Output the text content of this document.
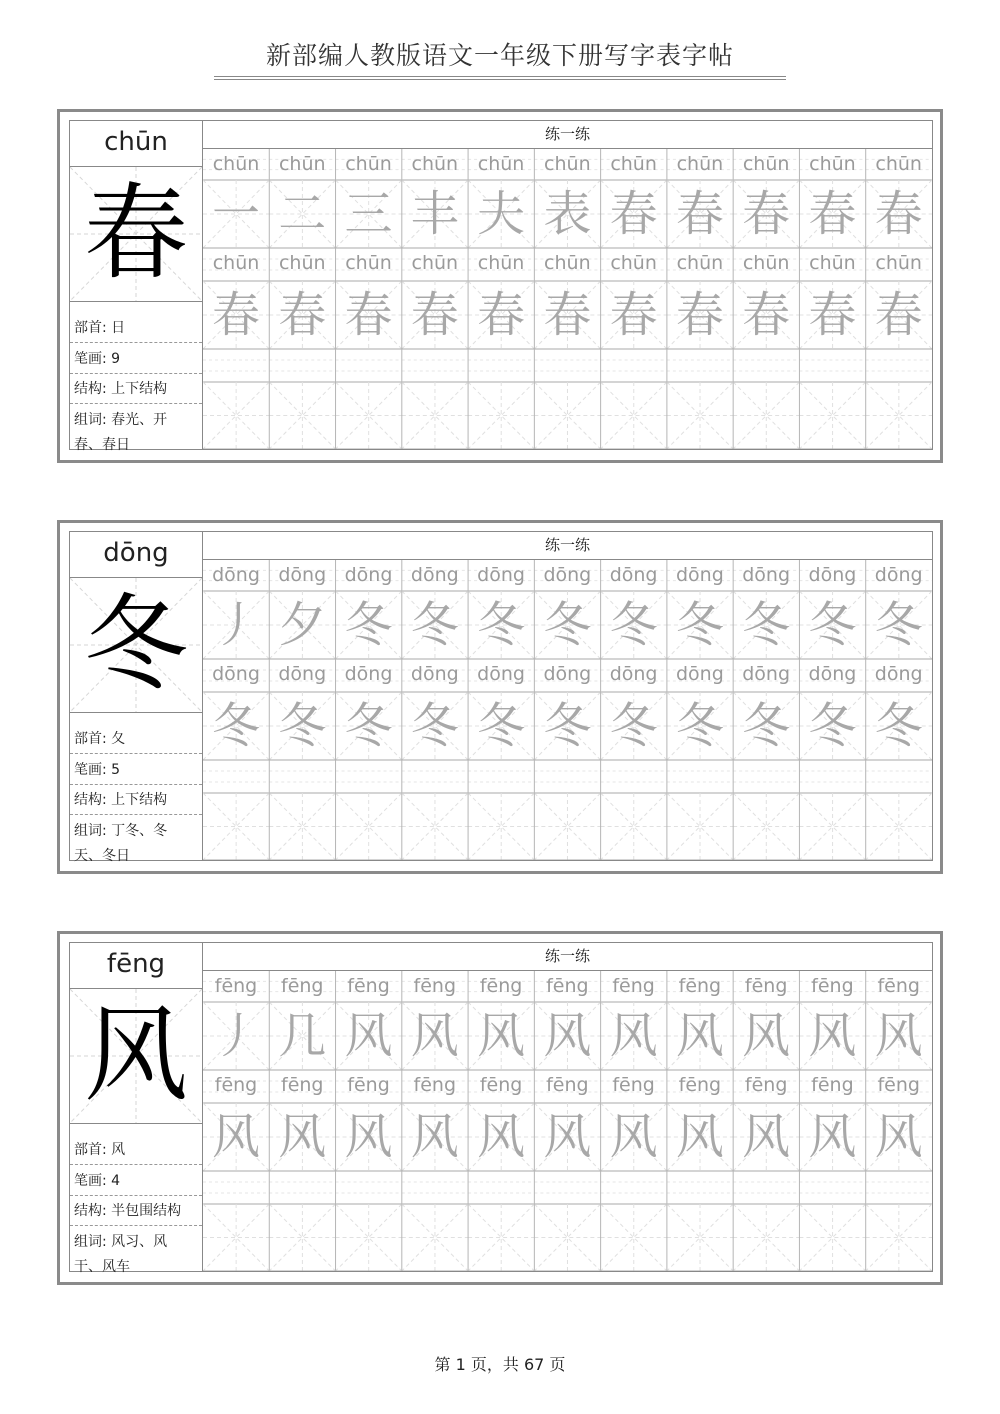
新部编人教版语文一年级下册写字表字帖
chūn
春
部首: 日
笔画: 9
结构: 上下结构
组词: 春光、开春、春日
练一练
chūn	chūn	chūn	chūn	chūn	chūn	chūn	chūn	chūn	chūn	chūn
一 二 三 丰 夫 表 春 春 春 春 春
chūn	chūn	chūn	chūn	chūn	chūn	chūn	chūn	chūn	chūn	chūn
春 春 春 春 春 春 春 春 春 春 春
dōng
冬
部首: 夂
笔画: 5
结构: 上下结构
组词: 丁冬、冬天、冬日
练一练
dōng dōng dōng dōng dōng dōng dōng dōng dōng dōng dōng
丿 夕 冬 冬 冬 冬 冬 冬 冬 冬 冬
dōng dōng dōng dōng dōng dōng dōng dōng dōng dōng dōng
冬 冬 冬 冬 冬 冬 冬 冬 冬 冬 冬
fēng
风
部首: 风
笔画: 4
结构: 半包围结构
组词: 风习、风干、风车
练一练
fēng	fēng	fēng	fēng	fēng	fēng	fēng	fēng	fēng	fēng	fēng
丿 几 风 风 风 风 风 风 风 风 风
fēng	fēng	fēng	fēng	fēng	fēng	fēng	fēng	fēng	fēng	fēng
风 风 风 风 风 风 风 风 风 风 风
第 1 页，共 67 页
